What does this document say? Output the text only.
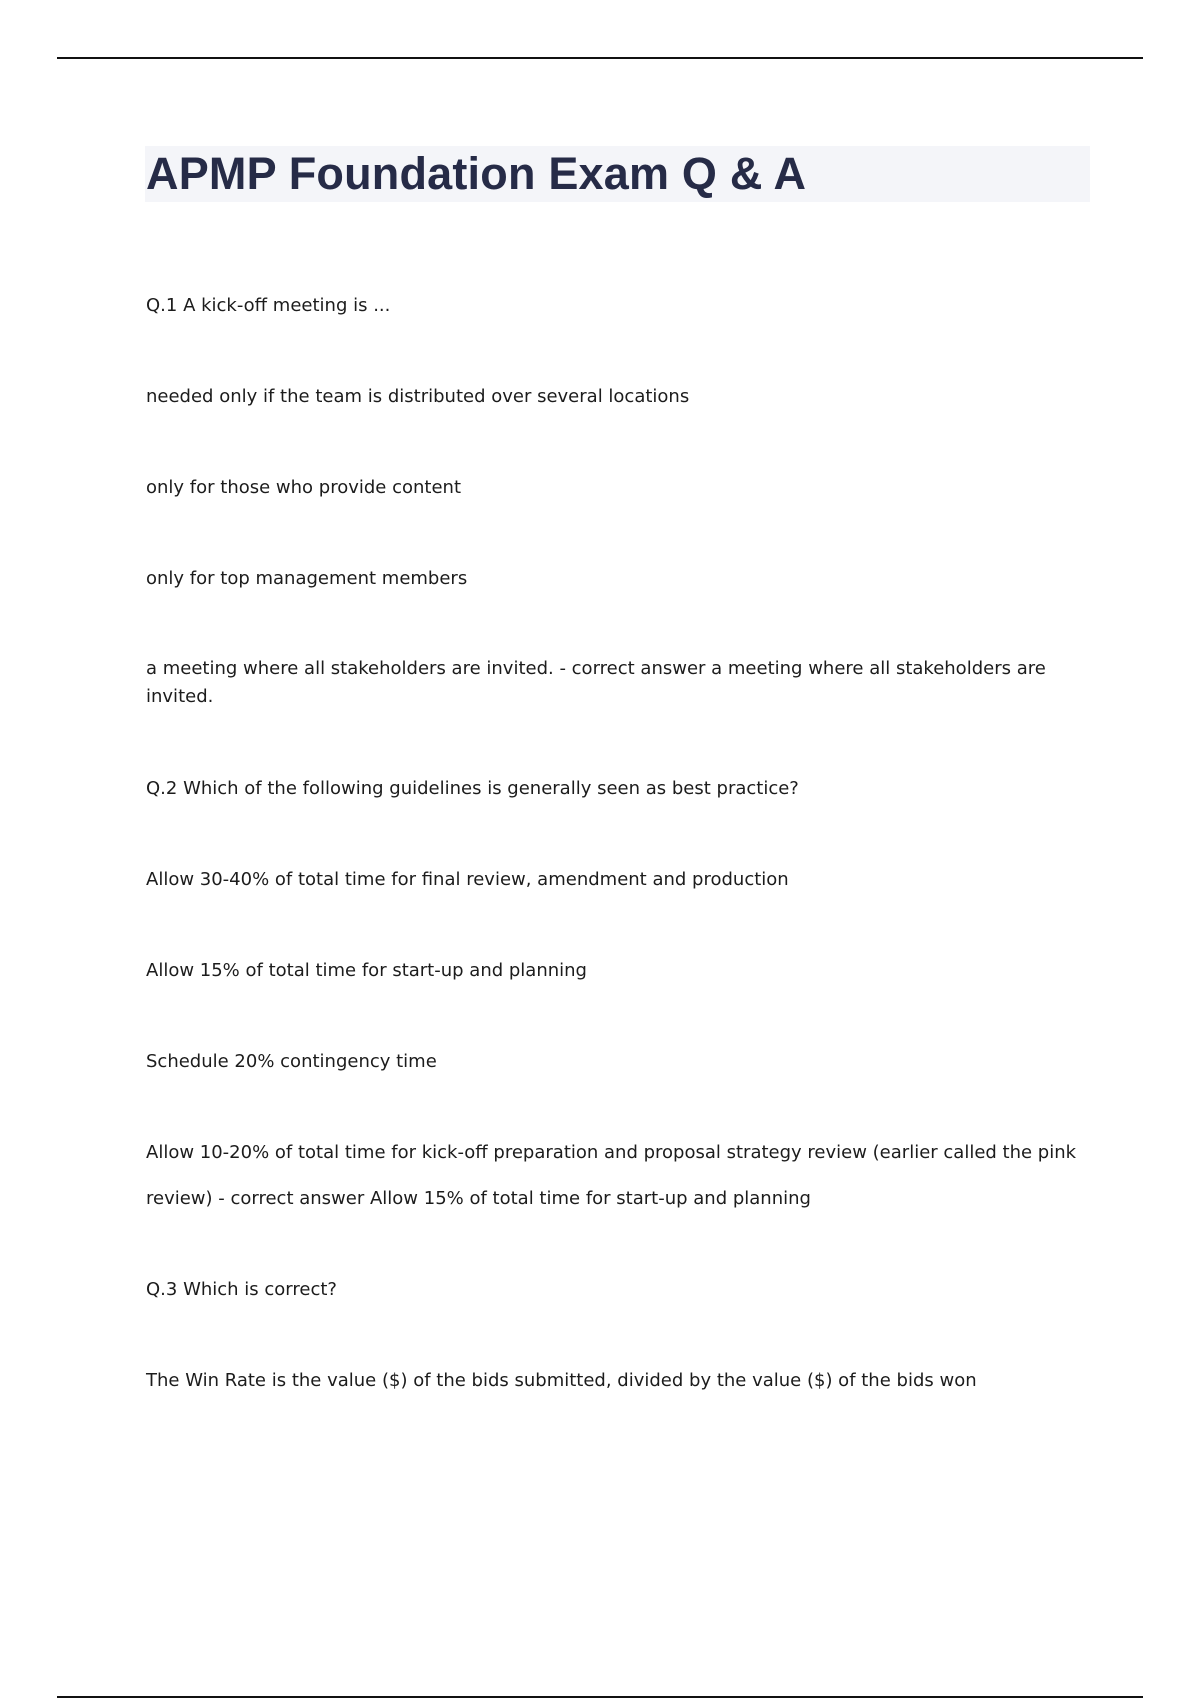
APMP Foundation Exam Q & A

Q.1 A kick-off meeting is ...

needed only if the team is distributed over several locations

only for those who provide content

only for top management members

a meeting where all stakeholders are invited. - correct answer a meeting where all stakeholders are invited.

Q.2 Which of the following guidelines is generally seen as best practice?

Allow 30-40% of total time for final review, amendment and production

Allow 15% of total time for start-up and planning

Schedule 20% contingency time

Allow 10-20% of total time for kick-off preparation and proposal strategy review (earlier called the pink

review) - correct answer Allow 15% of total time for start-up and planning

Q.3 Which is correct?

The Win Rate is the value ($) of the bids submitted, divided by the value ($) of the bids won
